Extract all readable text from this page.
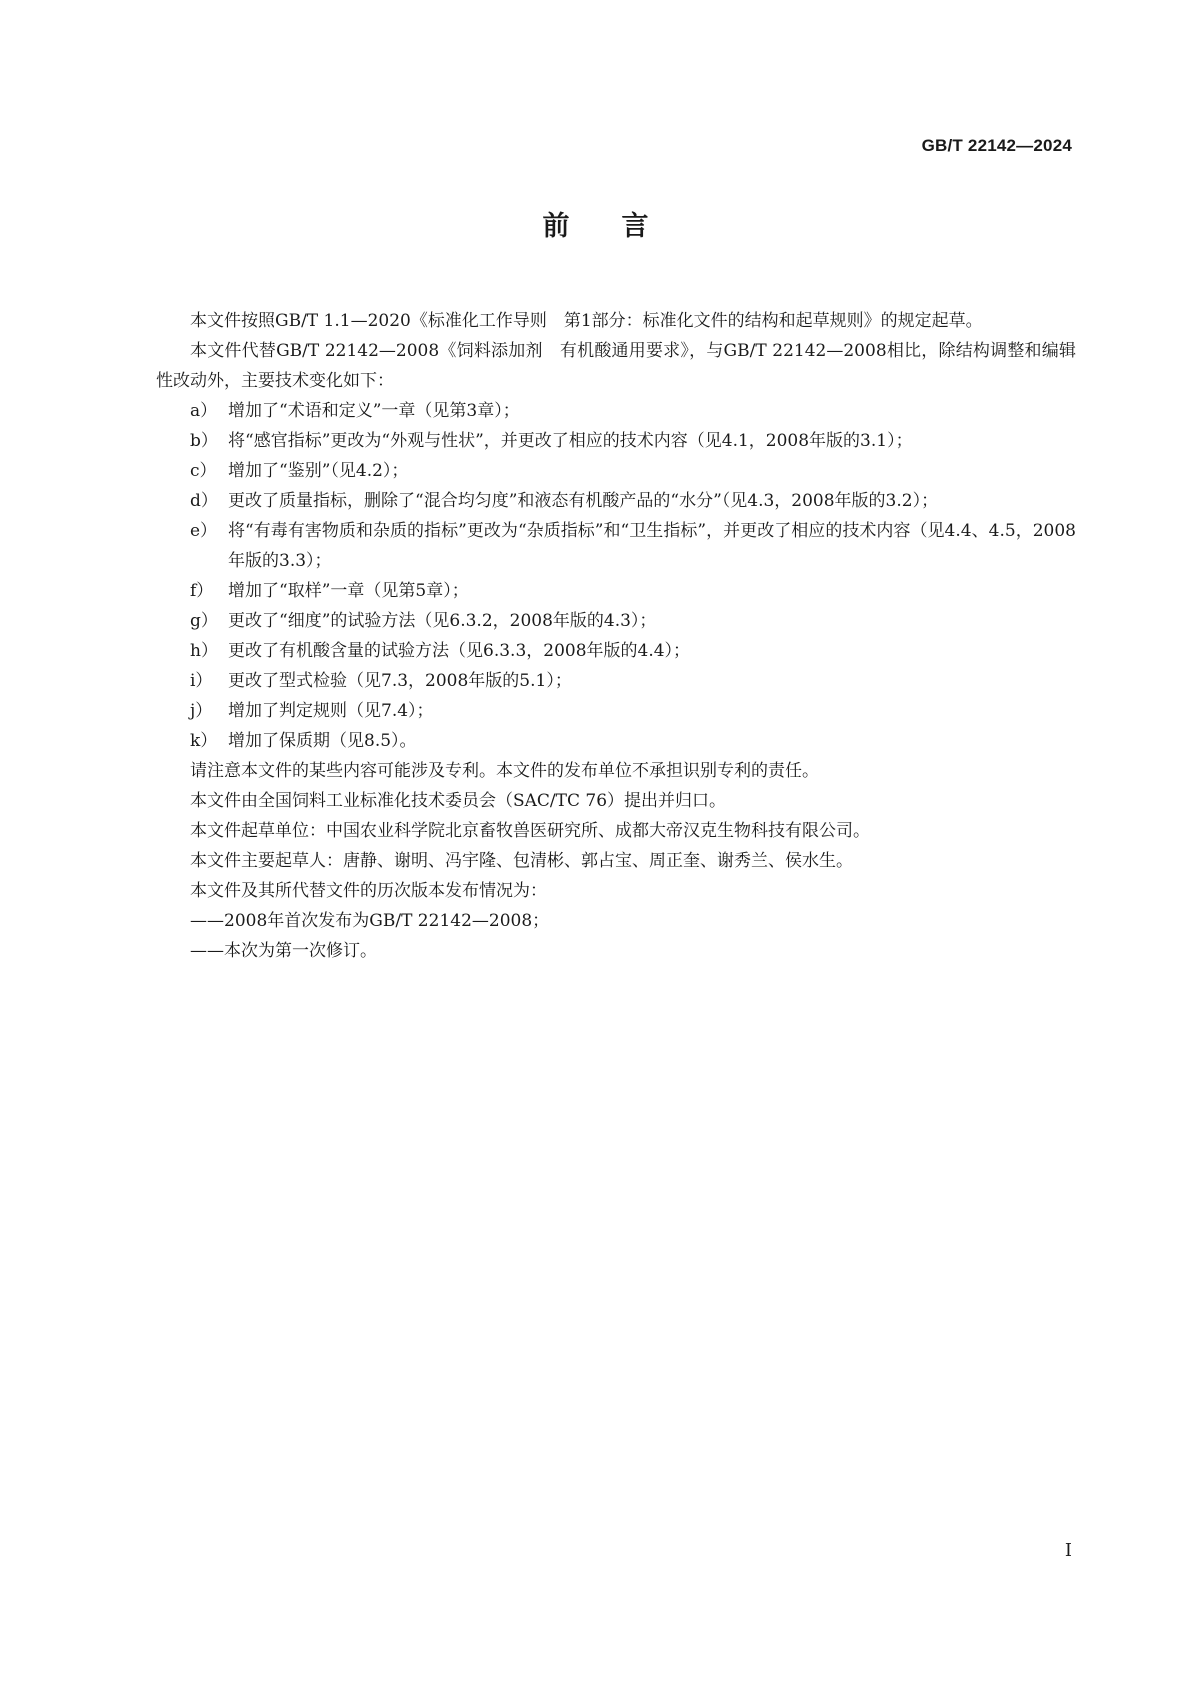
GB/T 22142—2024
前言

本文件按照GB/T 1.1—2020《标准化工作导则　第1部分：标准化文件的结构和起草规则》的规定起草。

本文件代替GB/T 22142—2008《饲料添加剂　有机酸通用要求》，与GB/T 22142—2008相比，除结构调整和编辑性改动外，主要技术变化如下：

a） 增加了“术语和定义”一章（见第3章）；
b） 将“感官指标”更改为“外观与性状”，并更改了相应的技术内容（见4.1，2008年版的3.1）；
c） 增加了“鉴别”（见4.2）；
d） 更改了质量指标，删除了“混合均匀度”和液态有机酸产品的“水分”（见4.3，2008年版的3.2）；
e） 将“有毒有害物质和杂质的指标”更改为“杂质指标”和“卫生指标”，并更改了相应的技术内容（见4.4、4.5，2008年版的3.3）；
f） 增加了“取样”一章（见第5章）；
g） 更改了“细度”的试验方法（见6.3.2，2008年版的4.3）；
h） 更改了有机酸含量的试验方法（见6.3.3，2008年版的4.4）；
i） 更改了型式检验（见7.3，2008年版的5.1）；
j） 增加了判定规则（见7.4）；
k） 增加了保质期（见8.5）。

请注意本文件的某些内容可能涉及专利。本文件的发布单位不承担识别专利的责任。

本文件由全国饲料工业标准化技术委员会（SAC/TC 76）提出并归口。

本文件起草单位：中国农业科学院北京畜牧兽医研究所、成都大帝汉克生物科技有限公司。

本文件主要起草人：唐静、谢明、冯宇隆、包清彬、郭占宝、周正奎、谢秀兰、侯水生。

本文件及其所代替文件的历次版本发布情况为：

——2008年首次发布为GB/T 22142—2008；

——本次为第一次修订。

I
